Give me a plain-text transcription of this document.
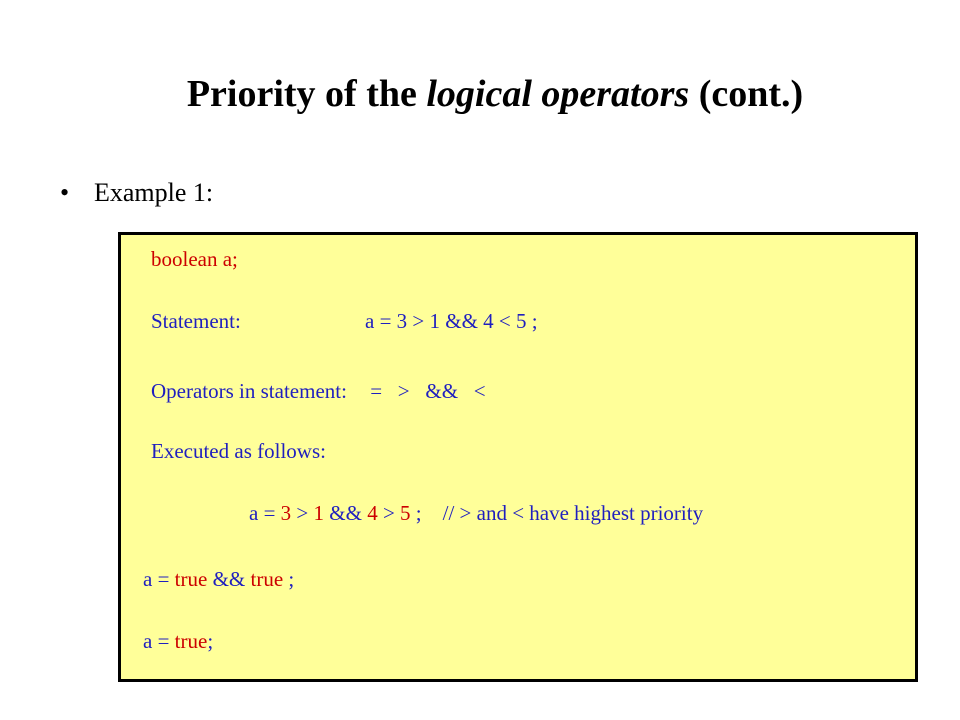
Priority of the logical operators (cont.)
• Example 1:
boolean a;
Statement:	a = 3 > 1 && 4 < 5 ;
Operators in statement: =   >   &&   <
Executed as follows:
a = 3 > 1 && 4 > 5 ;    // > and < have highest priority
a = true && true ;
a = true;
